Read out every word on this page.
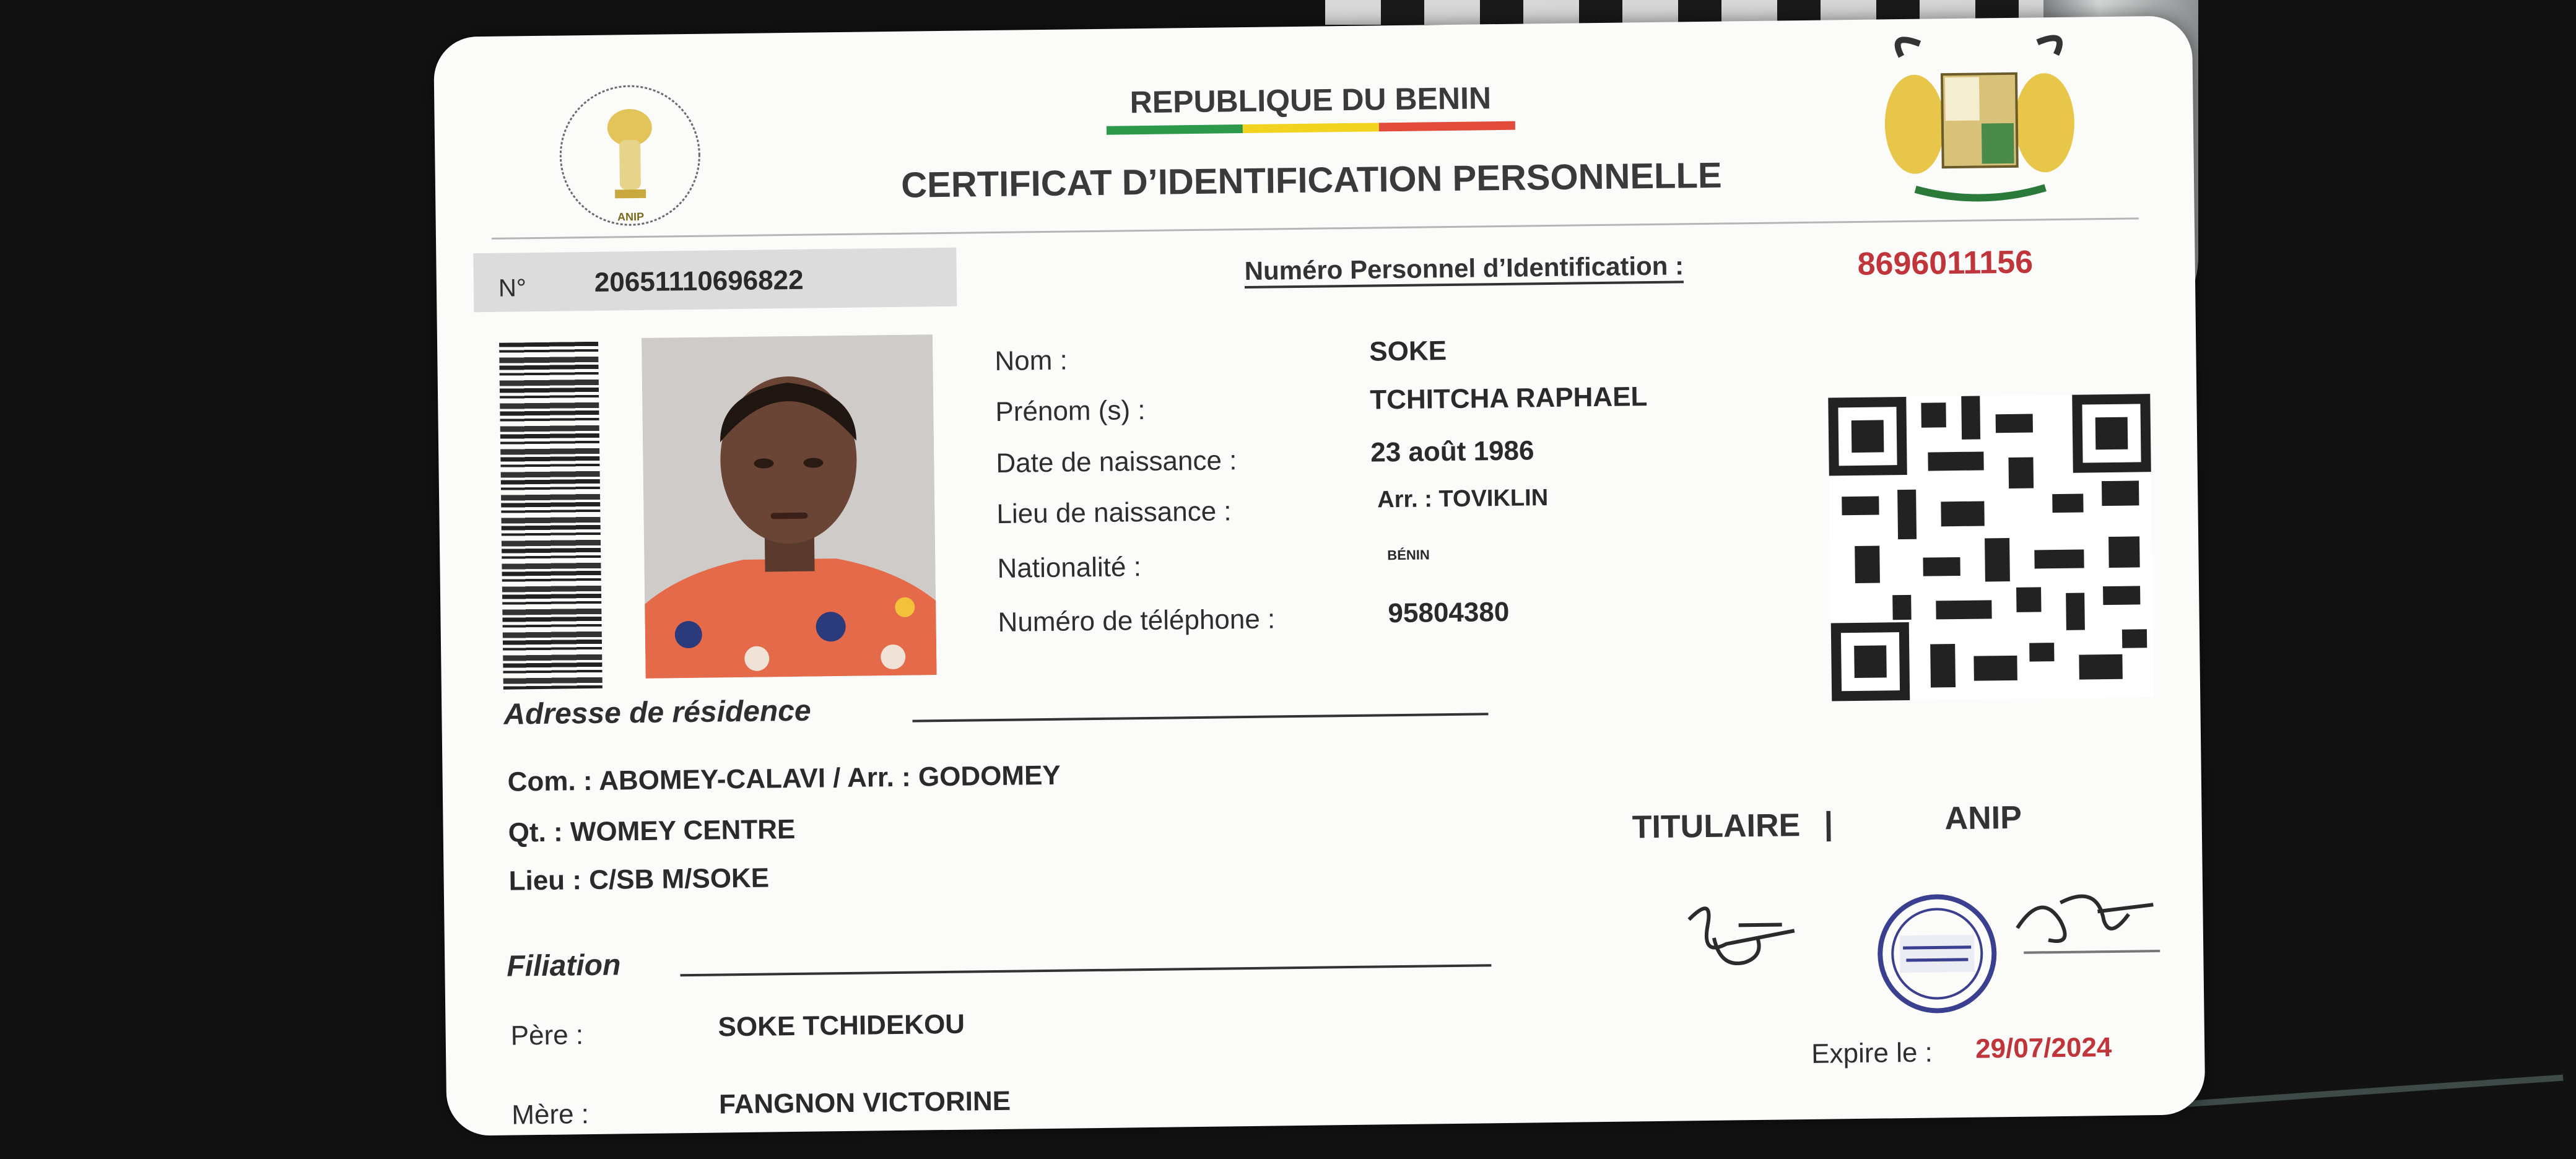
ANIP
REPUBLIQUE DU BENIN
CERTIFICAT D’IDENTIFICATION PERSONNELLE
N° 20651110696822	Numéro Personnel d’Identification :	8696011156
Nom :	SOKE
Prénom (s) :	TCHITCHA RAPHAEL
Date de naissance :	23 août 1986
Lieu de naissance :	Arr. : TOVIKLIN
Nationalité :	BÉNIN
Numéro de téléphone :	95804380
Adresse de résidence
Com. : ABOMEY-CALAVI / Arr. : GODOMEY
Qt. : WOMEY CENTRE
Lieu : C/SB M/SOKE
Filiation
Père :	SOKE TCHIDEKOU
Mère :	FANGNON VICTORINE
TITULAIRE |	ANIP
Expire le : 29/07/2024
